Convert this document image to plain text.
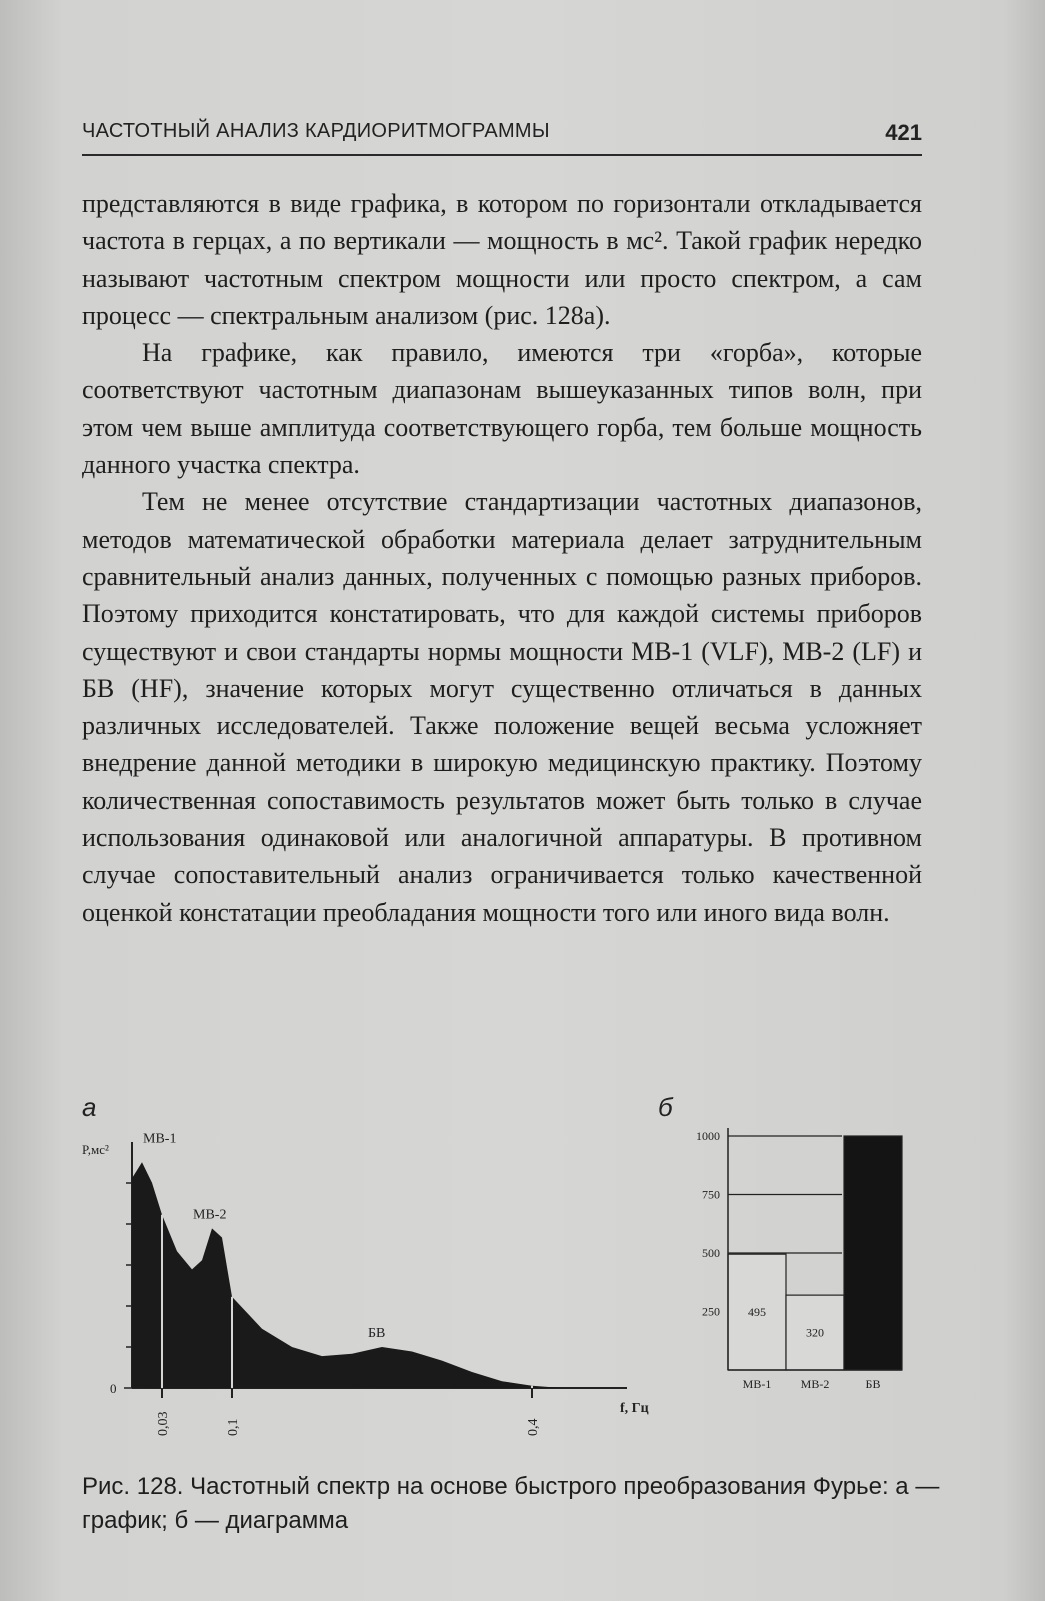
ЧАСТОТНЫЙ АНАЛИЗ КАРДИОРИТМОГРАММЫ	421

представляются в виде графика, в котором по горизонтали откладывается частота в герцах, а по вертикали — мощность в мс². Такой график нередко называют частотным спектром мощности или просто спектром, а сам процесс — спектральным анализом (рис. 128а).

На графике, как правило, имеются три «горба», которые соответствуют частотным диапазонам вышеуказанных типов волн, при этом чем выше амплитуда соответствующего горба, тем больше мощность данного участка спектра.

Тем не менее отсутствие стандартизации частотных диапазонов, методов математической обработки материала делает затруднительным сравнительный анализ данных, полученных с помощью разных приборов. Поэтому приходится констатировать, что для каждой системы приборов существуют и свои стандарты нормы мощности МВ-1 (VLF), МВ-2 (LF) и БВ (HF), значение которых могут существенно отличаться в данных различных исследователей. Также положение вещей весьма усложняет внедрение данной методики в широкую медицинскую практику. Поэтому количественная сопоставимость результатов может быть только в случае использования одинаковой или аналогичной аппаратуры. В противном случае сопоставительный анализ ограничивается только качественной оценкой констатации преобладания мощности того или иного вида волн.

а	б
P,мс²
0
f, Гц
МВ-1
МВ-2
БВ
0,03	0,1	0,4
250
500
750
1000
495
МВ-1
320
МВ-2	БВ
Рис. 128. Частотный спектр на основе быстрого преобразования Фурье: а — график; б — диаграмма
